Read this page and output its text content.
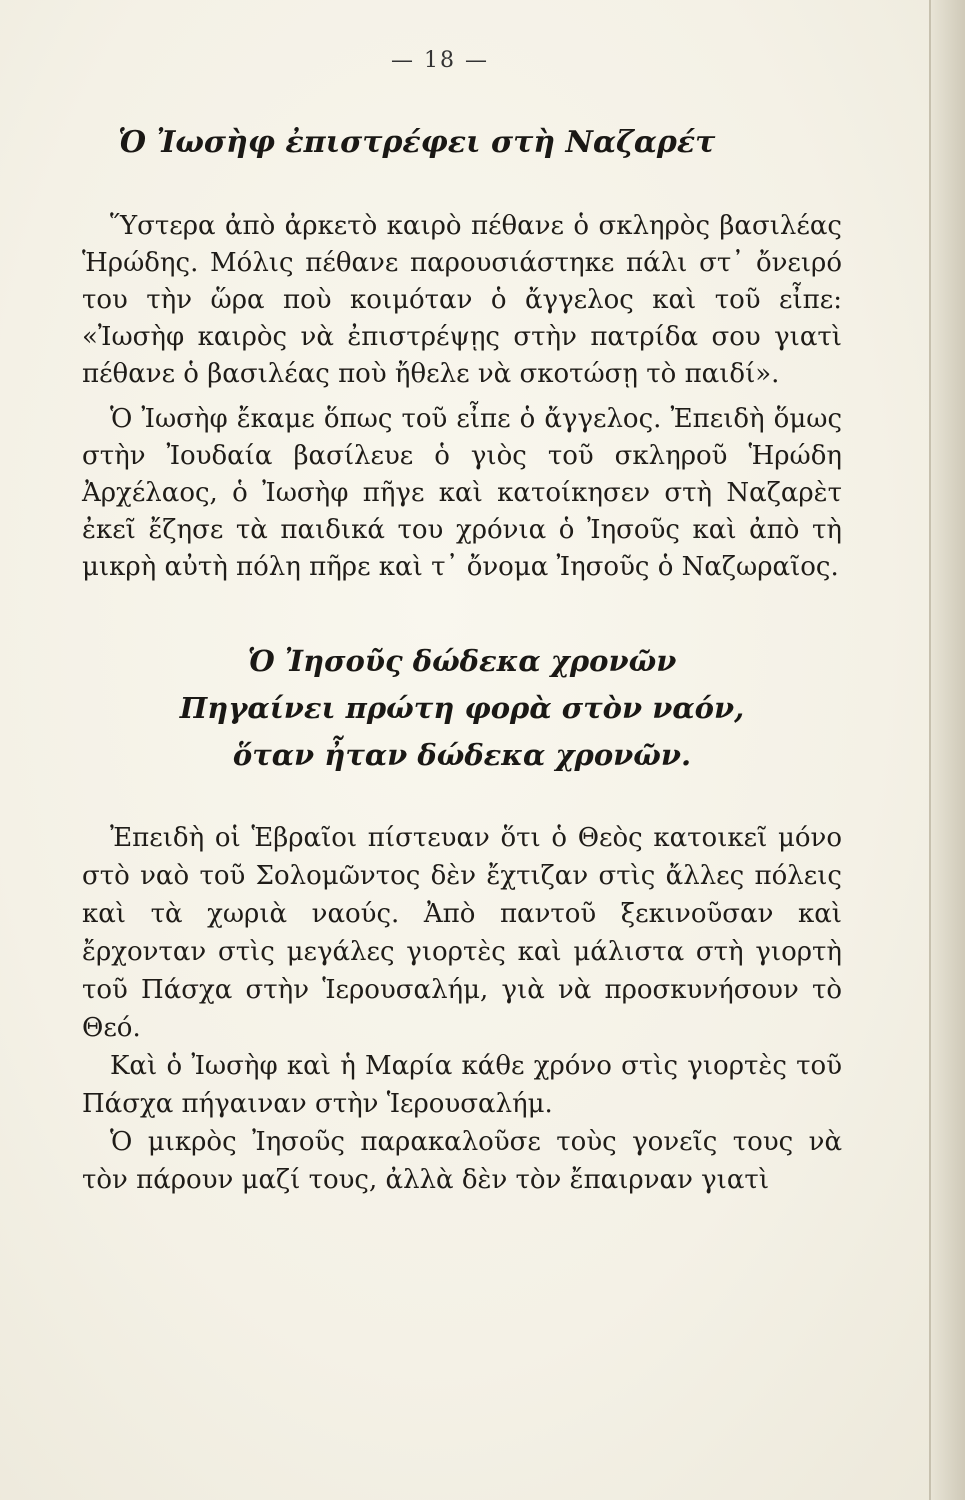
— 18 —
Ὁ Ἰωσὴφ ἐπιστρέφει στὴ Ναζαρέτ

Ὕστερα ἀπὸ ἀρκετὸ καιρὸ πέθανε ὁ σκληρὸς βασιλέας Ἡρώδης. Μόλις πέθανε παρουσιάστηκε πάλι στ᾽ ὄνειρό του τὴν ὥρα ποὺ κοιμόταν ὁ ἄγγελος καὶ τοῦ εἶπε: «Ἰωσὴφ καιρὸς νὰ ἐπιστρέψῃς στὴν πατρίδα σου γιατὶ πέθανε ὁ βασιλέας ποὺ ἤθελε νὰ σκοτώσῃ τὸ παιδί».

Ὁ Ἰωσὴφ ἔκαμε ὅπως τοῦ εἶπε ὁ ἄγγελος. Ἐπειδὴ ὅμως στὴν Ἰουδαία βασίλευε ὁ γιὸς τοῦ σκληροῦ Ἡρώδη Ἀρχέλαος, ὁ Ἰωσὴφ πῆγε καὶ κατοίκησεν στὴ Ναζαρὲτ ἐκεῖ ἔζησε τὰ παιδικά του χρόνια ὁ Ἰησοῦς καὶ ἀπὸ τὴ μικρὴ αὐτὴ πόλη πῆρε καὶ τ᾽ ὄνομα Ἰησοῦς ὁ Ναζωραῖος.

Ὁ Ἰησοῦς δώδεκα χρονῶν
Πηγαίνει πρώτη φορὰ στὸν ναόν,
ὅταν ἦταν δώδεκα χρονῶν.

Ἐπειδὴ οἱ Ἑβραῖοι πίστευαν ὅτι ὁ Θεὸς κατοικεῖ μόνο στὸ ναὸ τοῦ Σολομῶντος δὲν ἔχτιζαν στὶς ἄλλες πόλεις καὶ τὰ χωριὰ ναούς. Ἀπὸ παντοῦ ξεκινοῦσαν καὶ ἔρχονταν στὶς μεγάλες γιορτὲς καὶ μάλιστα στὴ γιορτὴ τοῦ Πάσχα στὴν Ἱερουσαλήμ, γιὰ νὰ προσκυνήσουν τὸ Θεό.

Καὶ ὁ Ἰωσὴφ καὶ ἡ Μαρία κάθε χρόνο στὶς γιορτὲς τοῦ Πάσχα πήγαιναν στὴν Ἱερουσαλήμ.

Ὁ μικρὸς Ἰησοῦς παρακαλοῦσε τοὺς γονεῖς τους νὰ τὸν πάρουν μαζί τους, ἀλλὰ δὲν τὸν ἔπαιρναν γιατὶ
